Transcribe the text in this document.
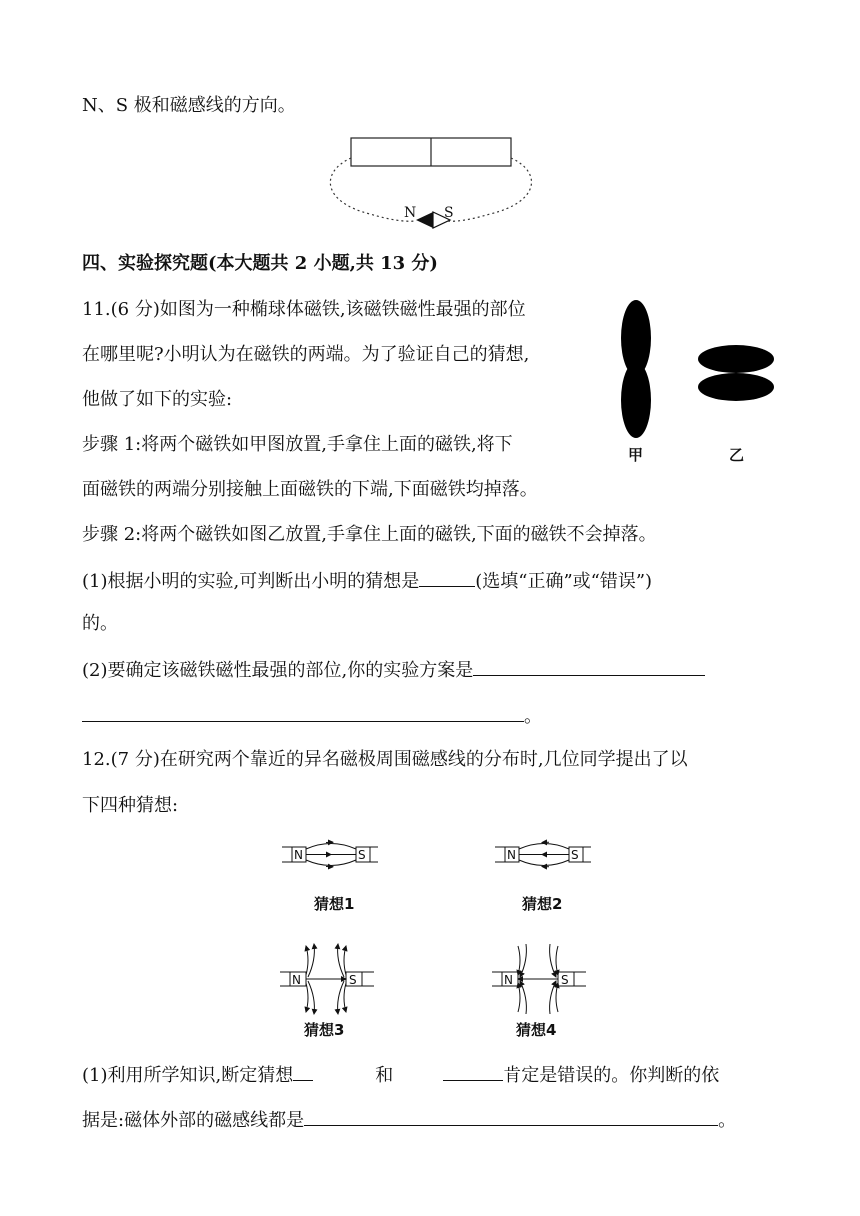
N、S 极和磁感线的方向。
N S
四、实验探究题(本大题共 2 小题,共 13 分)
11.(6 分)如图为一种椭球体磁铁,该磁铁磁性最强的部位
在哪里呢?小明认为在磁铁的两端。为了验证自己的猜想,
他做了如下的实验:
步骤 1:将两个磁铁如甲图放置,手拿住上面的磁铁,将下
面磁铁的两端分别接触上面磁铁的下端,下面磁铁均掉落。
步骤 2:将两个磁铁如图乙放置,手拿住上面的磁铁,下面的磁铁不会掉落。
甲	乙
(1)根据小明的实验,可判断出小明的猜想是	(选填“正确”或“错误”)
的。
(2)要确定该磁铁磁性最强的部位,你的实验方案是
。
12.(7 分)在研究两个靠近的异名磁极周围磁感线的分布时,几位同学提出了以
下四种猜想:
N	S
猜想1
N	S
猜想2
N	S
猜想3
N	S
猜想4
(1)利用所学知识,断定猜想	和	肯定是错误的。你判断的依
据是:磁体外部的磁感线都是	。
